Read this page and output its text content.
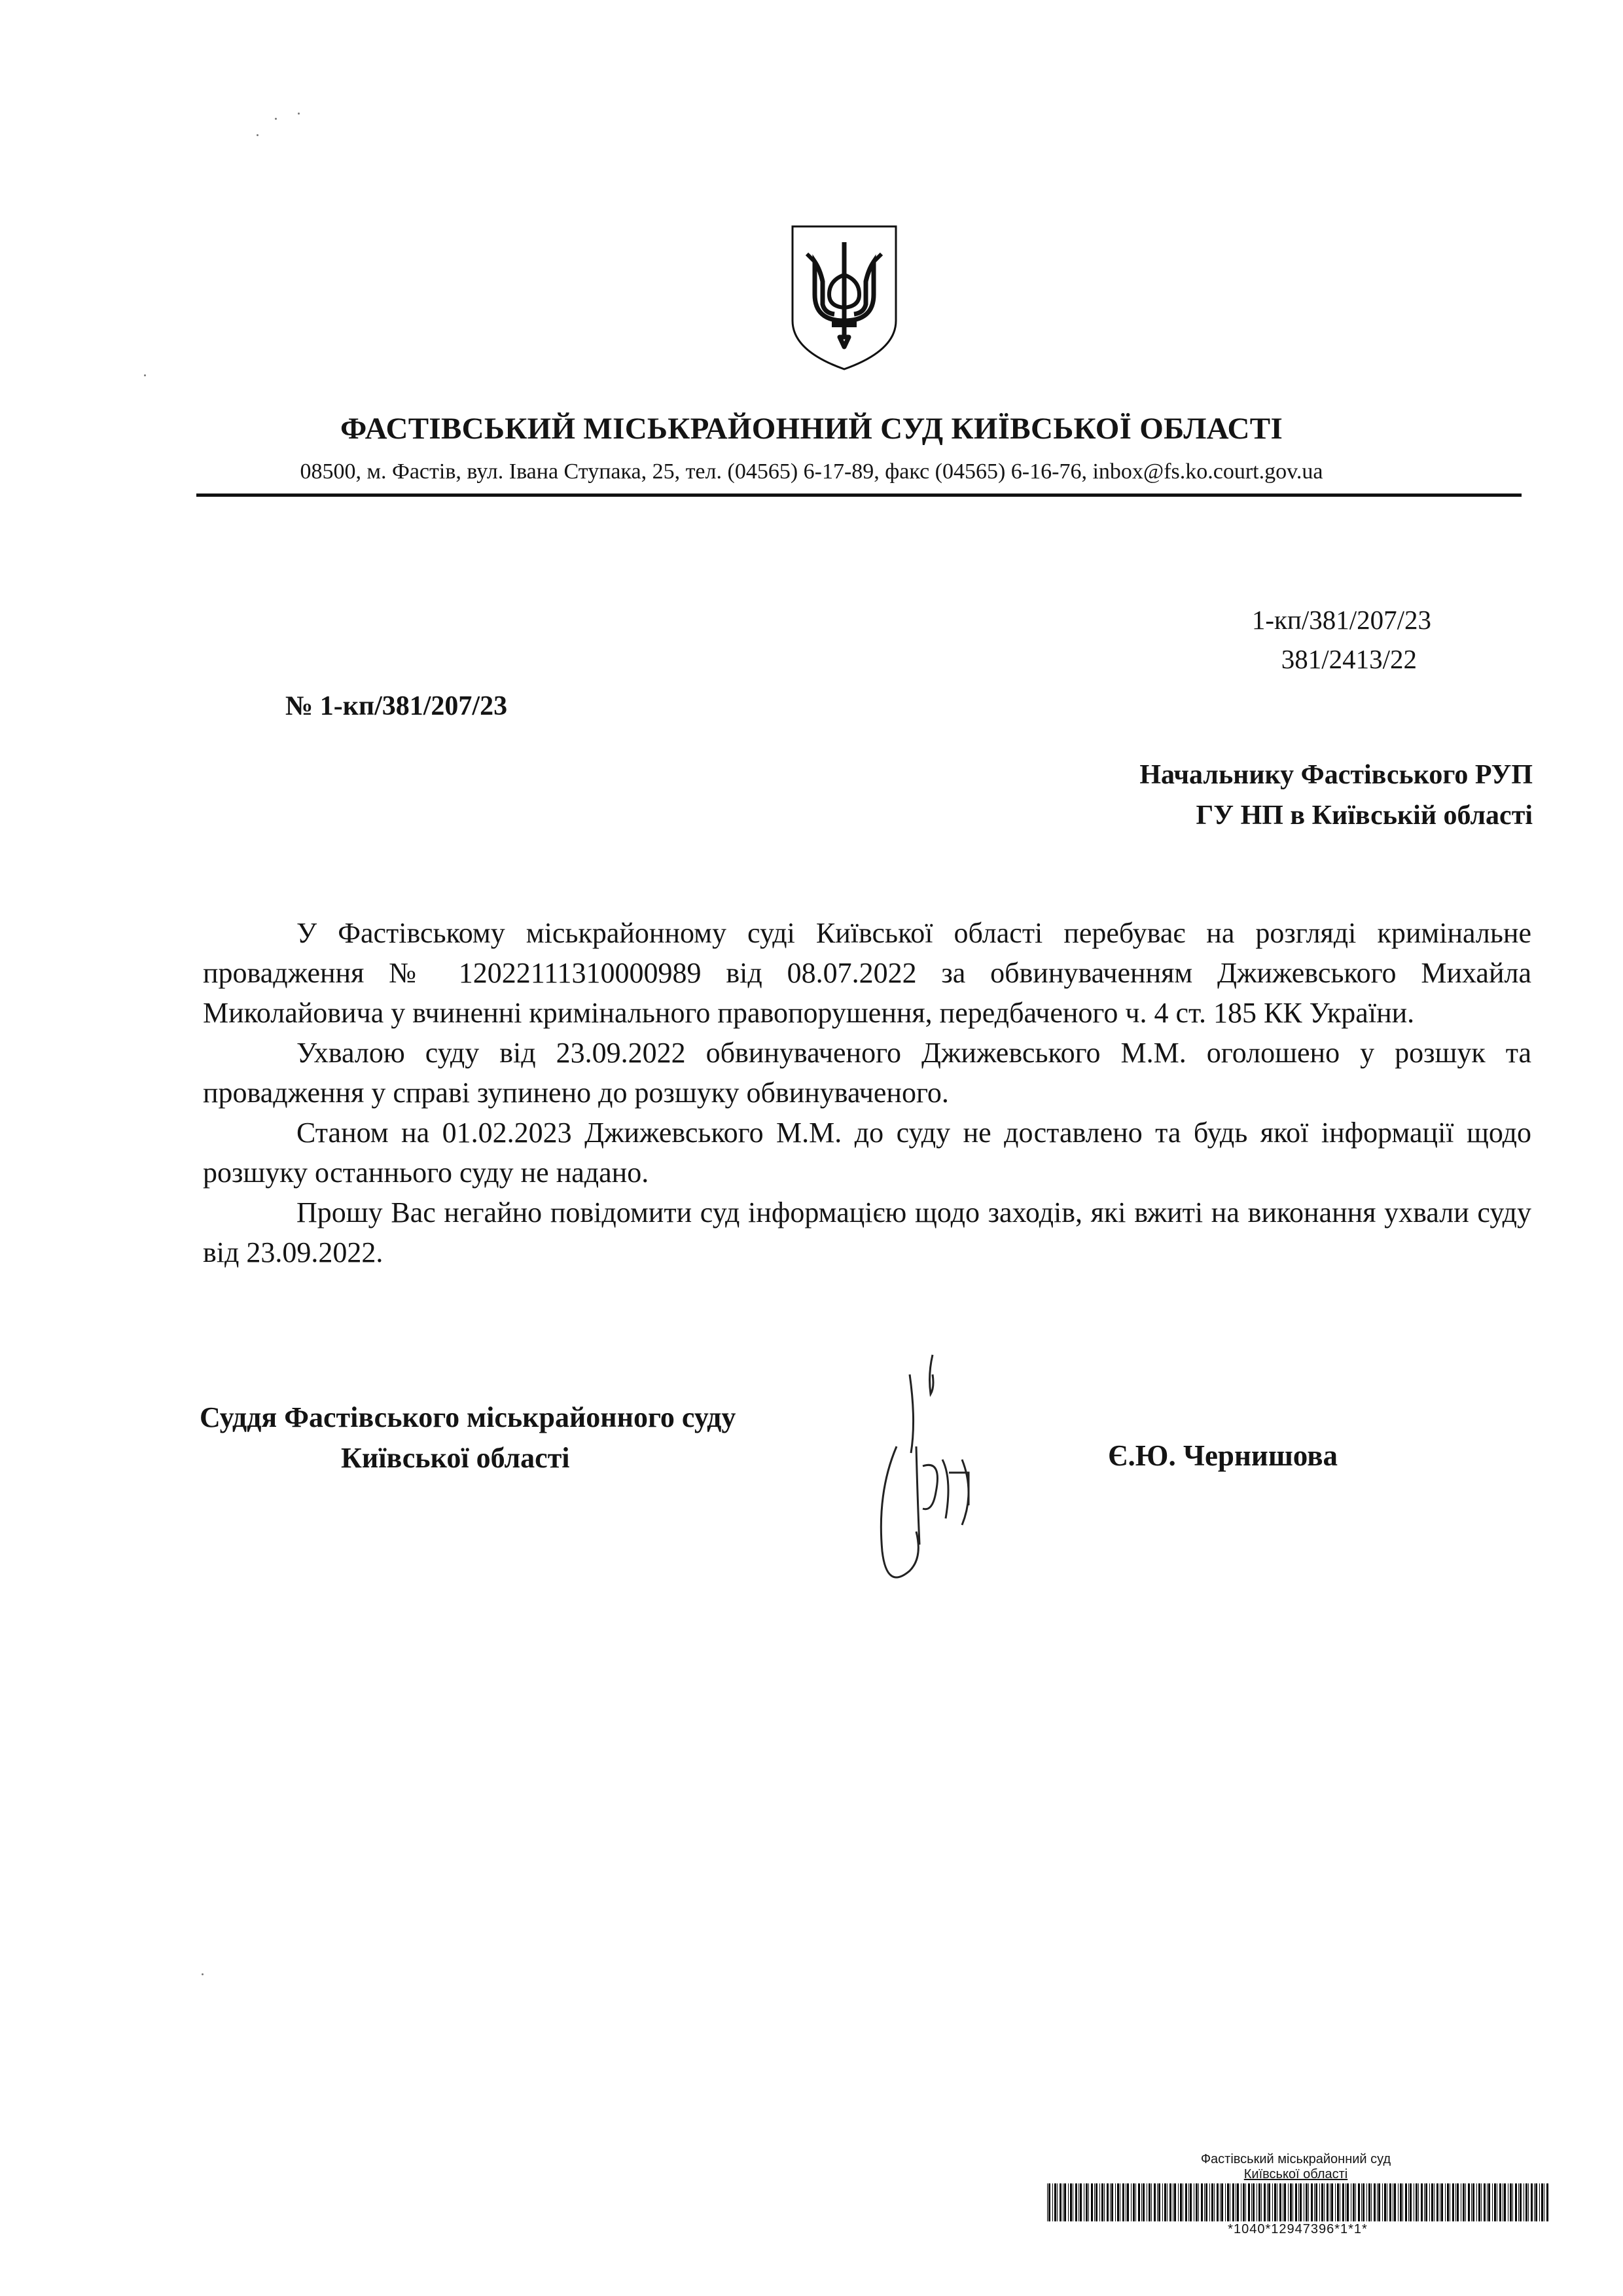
ФАСТІВСЬКИЙ МІСЬКРАЙОННИЙ СУД КИЇВСЬКОЇ ОБЛАСТІ
08500, м. Фастів, вул. Івана Ступака, 25, тел. (04565) 6-17-89, факс (04565) 6-16-76, inbox@fs.ko.court.gov.ua
1-кп/381/207/23
381/2413/22
№ 1-кп/381/207/23
Начальнику Фастівського РУП
ГУ НП в Київській області

У Фастівському міськрайонному суді Київської області перебуває на розгляді кримінальне провадження № 12022111310000989 від 08.07.2022 за обвинуваченням Джижевського Михайла Миколайовича у вчиненні кримінального правопорушення, передбаченого ч. 4 ст. 185 КК України.

Ухвалою суду від 23.09.2022 обвинуваченого Джижевського М.М. оголошено у розшук та провадження у справі зупинено до розшуку обвинуваченого.

Станом на 01.02.2023 Джижевського М.М. до суду не доставлено та будь якої інформації щодо розшуку останнього суду не надано.

Прошу Вас негайно повідомити суд інформацією щодо заходів, які вжиті на виконання ухвали суду від 23.09.2022.

Суддя Фастівського міськрайонного суду
Київської області	Є.Ю. Чернишова
Фастівський міськрайонний суд
Київської області
*1040*12947396*1*1*
